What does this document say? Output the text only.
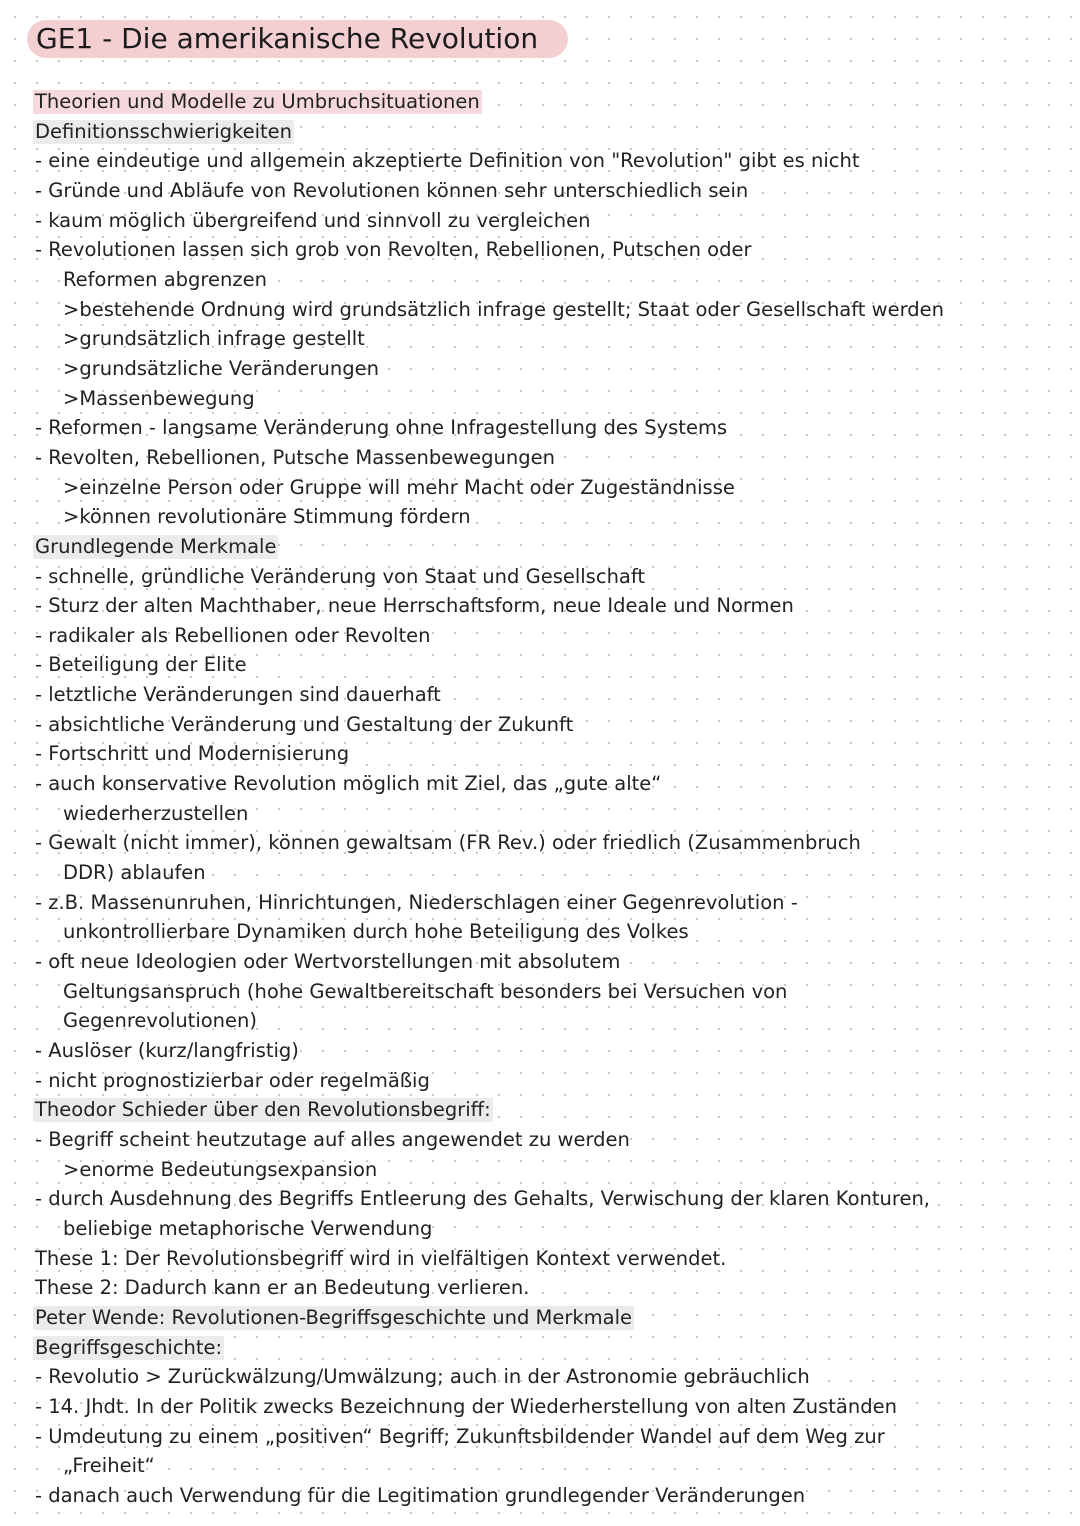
GE1 - Die amerikanische Revolution
Theorien und Modelle zu Umbruchsituationen
Definitionsschwierigkeiten
- eine eindeutige und allgemein akzeptierte Definition von "Revolution" gibt es nicht
- Gründe und Abläufe von Revolutionen können sehr unterschiedlich sein
- kaum möglich übergreifend und sinnvoll zu vergleichen
- Revolutionen lassen sich grob von Revolten, Rebellionen, Putschen oder
Reformen abgrenzen
>bestehende Ordnung wird grundsätzlich infrage gestellt; Staat oder Gesellschaft werden
>grundsätzlich infrage gestellt
>grundsätzliche Veränderungen
>Massenbewegung
- Reformen - langsame Veränderung ohne Infragestellung des Systems
- Revolten, Rebellionen, Putsche Massenbewegungen
>einzelne Person oder Gruppe will mehr Macht oder Zugeständnisse
>können revolutionäre Stimmung fördern
Grundlegende Merkmale
- schnelle, gründliche Veränderung von Staat und Gesellschaft
- Sturz der alten Machthaber, neue Herrschaftsform, neue Ideale und Normen
- radikaler als Rebellionen oder Revolten
- Beteiligung der Elite
- letztliche Veränderungen sind dauerhaft
- absichtliche Veränderung und Gestaltung der Zukunft
- Fortschritt und Modernisierung
- auch konservative Revolution möglich mit Ziel, das „gute alte“
wiederherzustellen
- Gewalt (nicht immer), können gewaltsam (FR Rev.) oder friedlich (Zusammenbruch
DDR) ablaufen
- z.B. Massenunruhen, Hinrichtungen, Niederschlagen einer Gegenrevolution -
unkontrollierbare Dynamiken durch hohe Beteiligung des Volkes
- oft neue Ideologien oder Wertvorstellungen mit absolutem
Geltungsanspruch (hohe Gewaltbereitschaft besonders bei Versuchen von
Gegenrevolutionen)
- Auslöser (kurz/langfristig)
- nicht prognostizierbar oder regelmäßig
Theodor Schieder über den Revolutionsbegriff:
- Begriff scheint heutzutage auf alles angewendet zu werden
>enorme Bedeutungsexpansion
- durch Ausdehnung des Begriffs Entleerung des Gehalts, Verwischung der klaren Konturen,
beliebige metaphorische Verwendung
These 1: Der Revolutionsbegriff wird in vielfältigen Kontext verwendet.
These 2: Dadurch kann er an Bedeutung verlieren.
Peter Wende: Revolutionen-Begriffsgeschichte und Merkmale
Begriffsgeschichte:
- Revolutio > Zurückwälzung/Umwälzung; auch in der Astronomie gebräuchlich
- 14. Jhdt. In der Politik zwecks Bezeichnung der Wiederherstellung von alten Zuständen
- Umdeutung zu einem „positiven“ Begriff; Zukunftsbildender Wandel auf dem Weg zur
„Freiheit“
- danach auch Verwendung für die Legitimation grundlegender Veränderungen
